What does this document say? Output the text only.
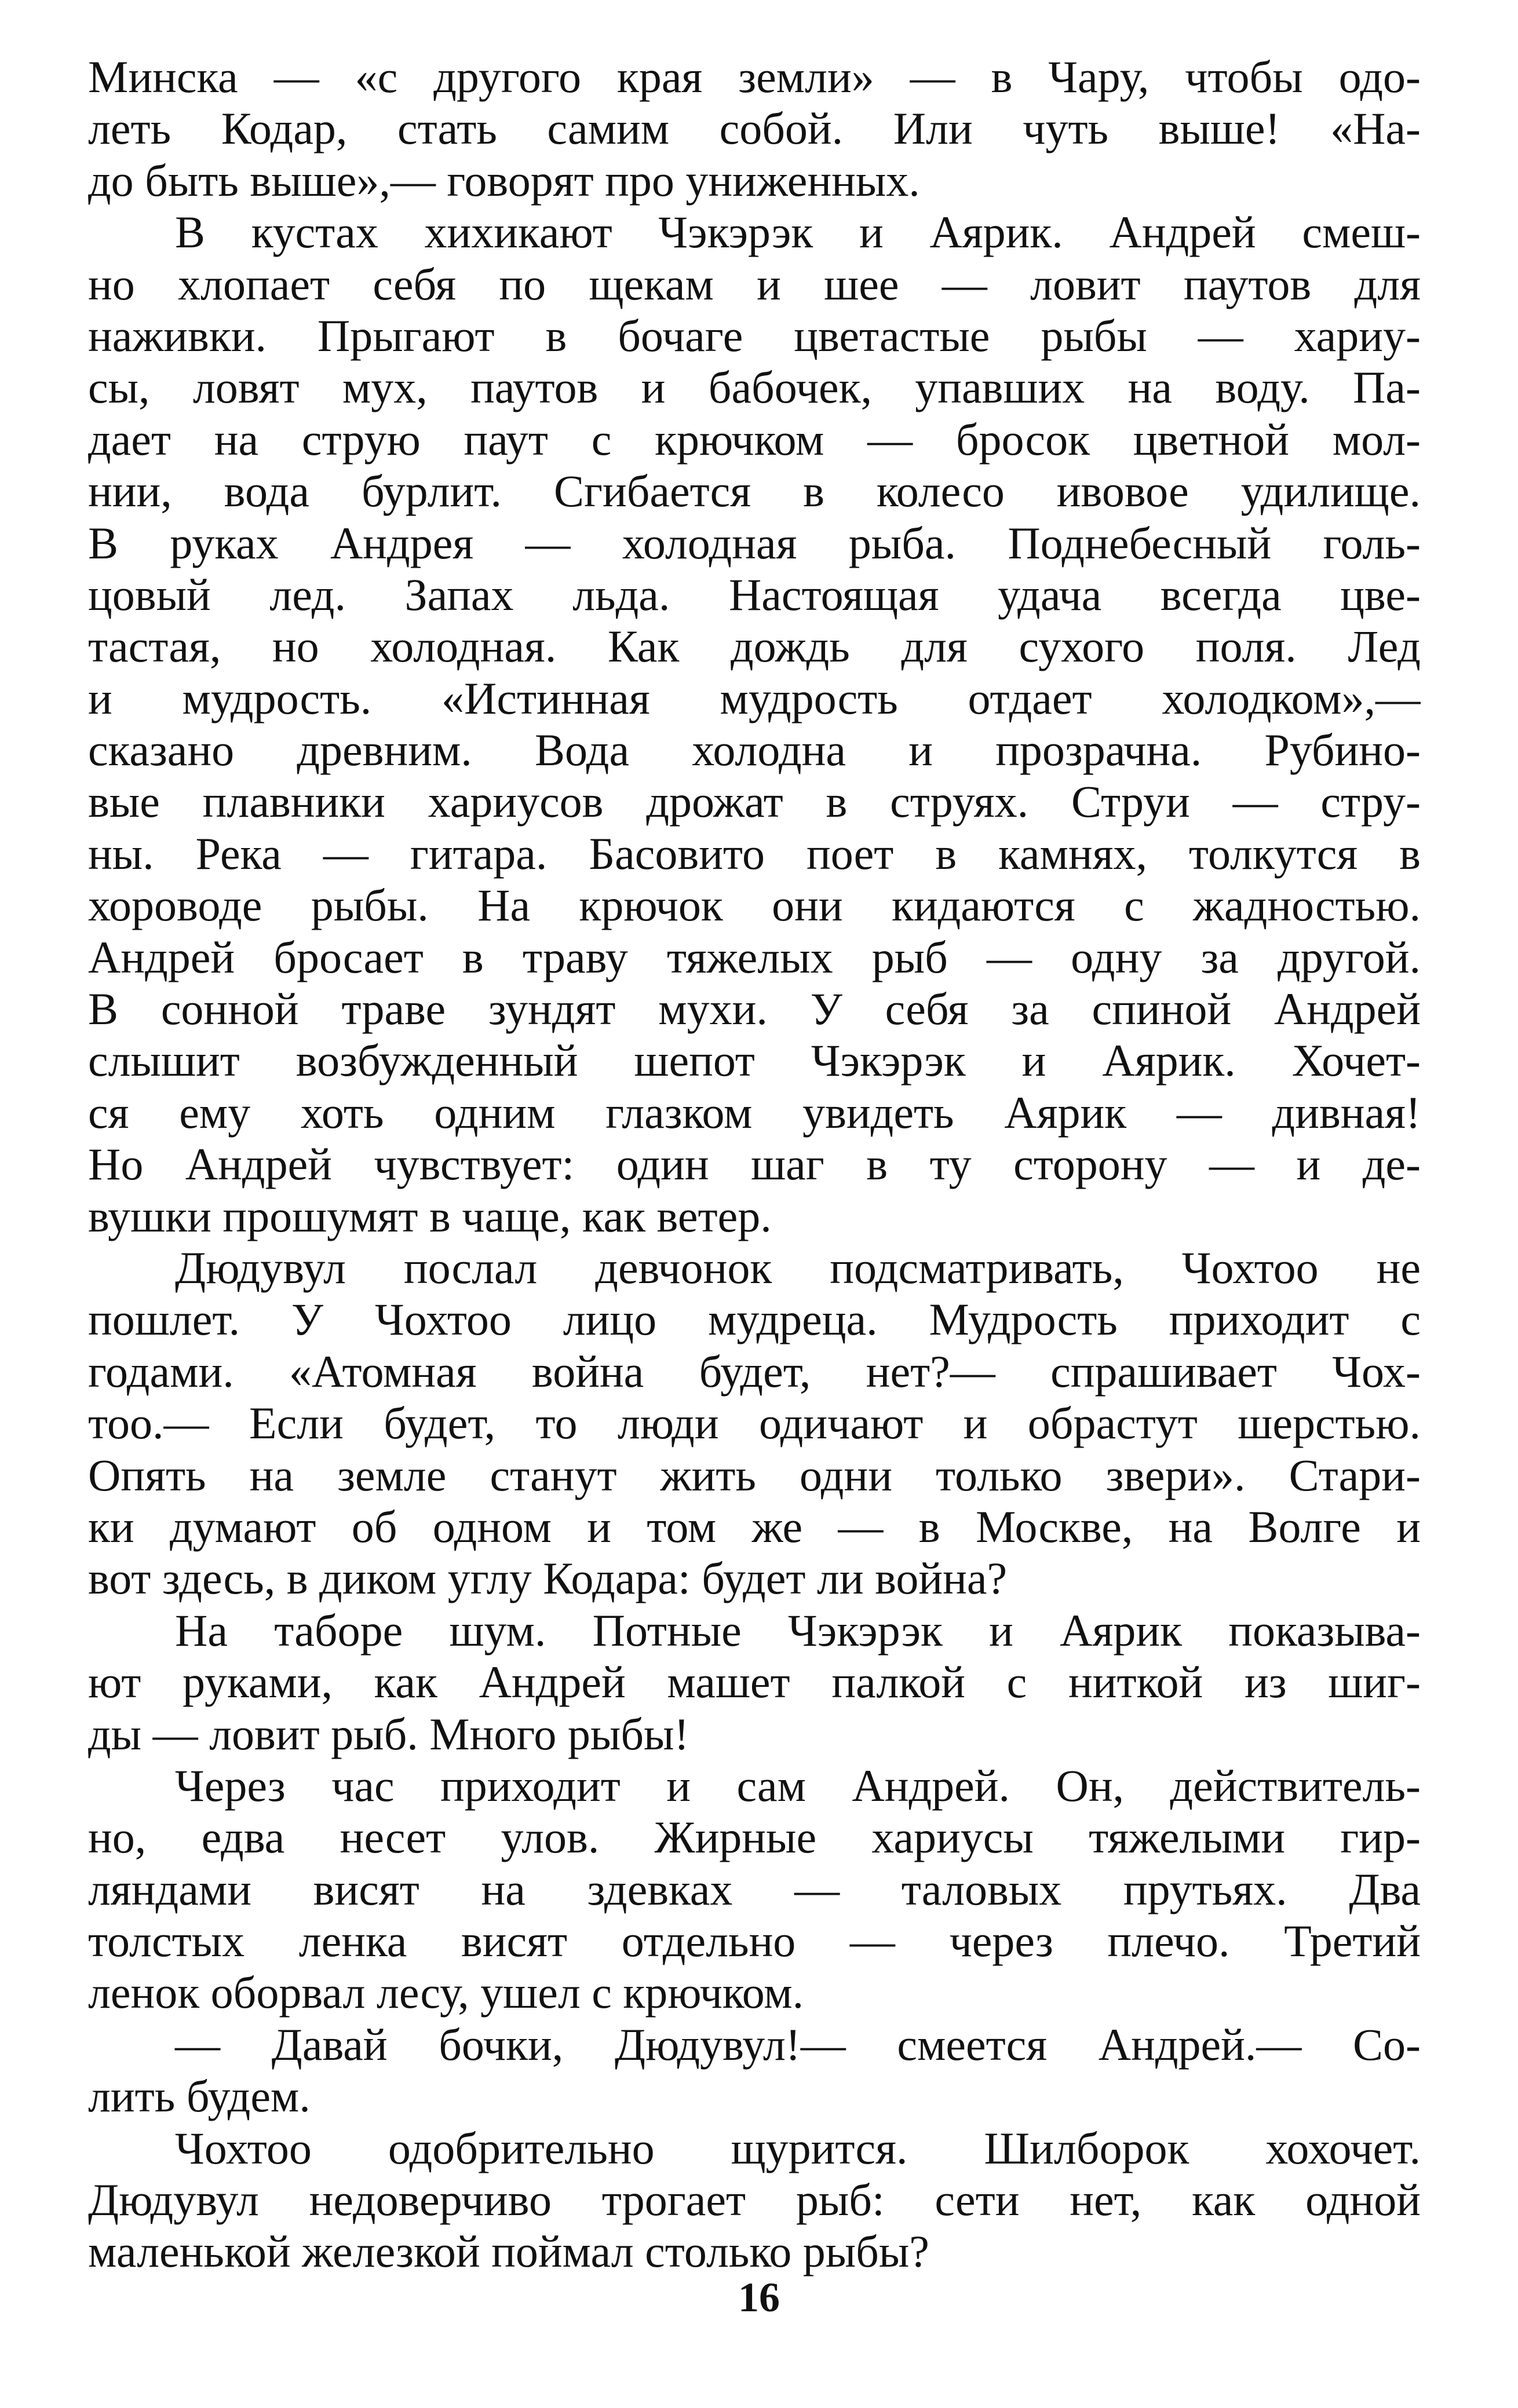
Минска — «с другого края земли» — в Чару, чтобы одо-
леть Кодар, стать самим собой. Или чуть выше! «На-
до быть выше»,— говорят про униженных.
В кустах хихикают Чэкэрэк и Аярик. Андрей смеш-
но хлопает себя по щекам и шее — ловит паутов для
наживки. Прыгают в бочаге цветастые рыбы — хариу-
сы, ловят мух, паутов и бабочек, упавших на воду. Па-
дает на струю паут с крючком — бросок цветной мол-
нии, вода бурлит. Сгибается в колесо ивовое удилище.
В руках Андрея — холодная рыба. Поднебесный голь-
цовый лед. Запах льда. Настоящая удача всегда цве-
тастая, но холодная. Как дождь для сухого поля. Лед
и мудрость. «Истинная мудрость отдает холодком»,—
сказано древним. Вода холодна и прозрачна. Рубино-
вые плавники хариусов дрожат в струях. Струи — стру-
ны. Река — гитара. Басовито поет в камнях, толкутся в
хороводе рыбы. На крючок они кидаются с жадностью.
Андрей бросает в траву тяжелых рыб — одну за другой.
В сонной траве зундят мухи. У себя за спиной Андрей
слышит возбужденный шепот Чэкэрэк и Аярик. Хочет-
ся ему хоть одним глазком увидеть Аярик — дивная!
Но Андрей чувствует: один шаг в ту сторону — и де-
вушки прошумят в чаще, как ветер.
Дюдувул послал девчонок подсматривать, Чохтоо не
пошлет. У Чохтоо лицо мудреца. Мудрость приходит с
годами. «Атомная война будет, нет?— спрашивает Чох-
тоо.— Если будет, то люди одичают и обрастут шерстью.
Опять на земле станут жить одни только звери». Стари-
ки думают об одном и том же — в Москве, на Волге и
вот здесь, в диком углу Кодара: будет ли война?
На таборе шум. Потные Чэкэрэк и Аярик показыва-
ют руками, как Андрей машет палкой с ниткой из шиг-
ды — ловит рыб. Много рыбы!
Через час приходит и сам Андрей. Он, действитель-
но, едва несет улов. Жирные хариусы тяжелыми гир-
ляндами висят на здевках — таловых прутьях. Два
толстых ленка висят отдельно — через плечо. Третий
ленок оборвал лесу, ушел с крючком.
— Давай бочки, Дюдувул!— смеется Андрей.— Со-
лить будем.
Чохтоо одобрительно щурится. Шилборок хохочет.
Дюдувул недоверчиво трогает рыб: сети нет, как одной
маленькой железкой поймал столько рыбы?
16
